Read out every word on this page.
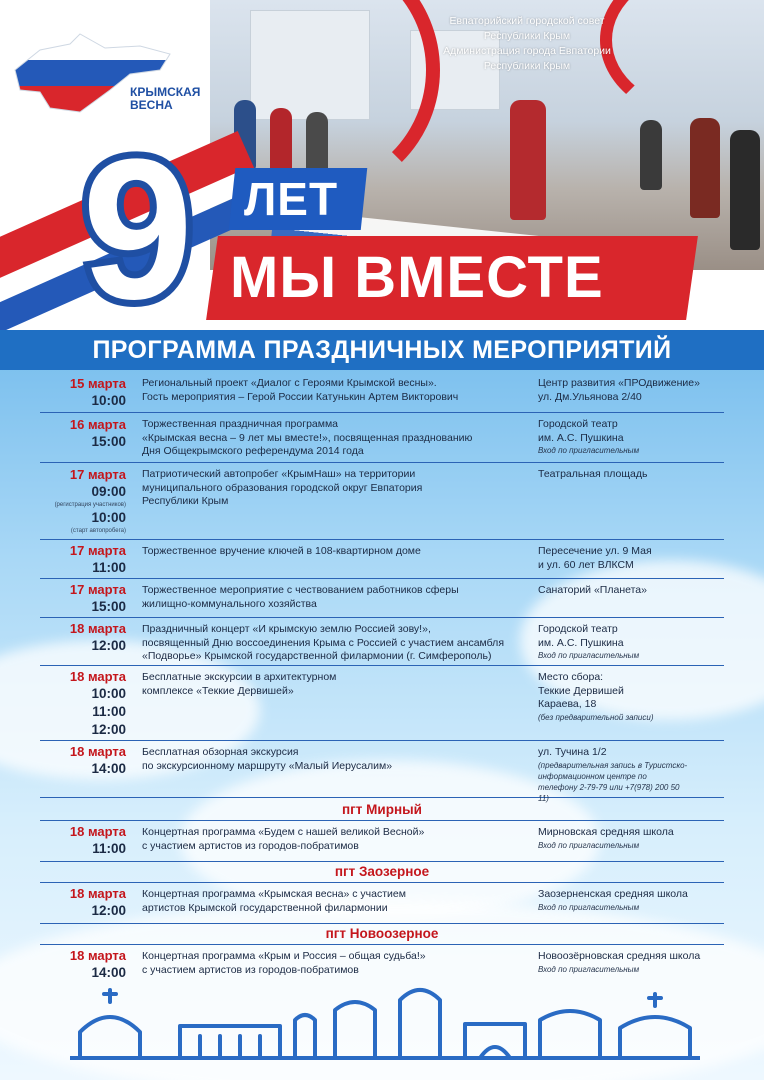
КРЫМСКАЯ
ВЕСНА
Евпаторийский городской совет
Республики Крым
Администрация города Евпатории
Республики Крым
9 ЛЕТ
МЫ ВМЕСТЕ
ПРОГРАММА ПРАЗДНИЧНЫХ МЕРОПРИЯТИЙ
15 марта
10:00
Региональный проект «Диалог с Героями Крымской весны».
Гость мероприятия – Герой России Катунькин Артем Викторович
Центр развития «ПРОдвижение»
ул. Дм.Ульянова 2/40
16 марта
15:00
Торжественная праздничная программа
«Крымская весна – 9 лет мы вместе!», посвященная празднованию
Дня Общекрымского референдума 2014 года
Городской театр
им. А.С. Пушкина
Вход по пригласительным
17 марта
09:00
(регистрация участников)
10:00
(старт автопробега)
Патриотический автопробег «КрымНаш» на территории
муниципального образования городской округ Евпатория
Республики Крым
Театральная площадь
17 марта
11:00
Торжественное вручение ключей в 108-квартирном доме	Пересечение ул. 9 Мая
и ул. 60 лет ВЛКСМ
17 марта
15:00
Торжественное мероприятие с чествованием работников сферы
жилищно-коммунального хозяйства
Санаторий «Планета»
18 марта
12:00
Праздничный концерт «И крымскую землю Россией зову!»,
посвященный Дню воссоединения Крыма с Россией с участием ансамбля
«Подворье» Крымской государственной филармонии (г. Симферополь)
Городской театр
им. А.С. Пушкина
Вход по пригласительным
18 марта
10:00
11:00
12:00
Бесплатные экскурсии в архитектурном
комплексе «Теккие Дервишей»
Место сбора:
Теккие Дервишей
Караева, 18
(без предварительной записи)
18 марта
14:00
Бесплатная обзорная экскурсия
по экскурсионному маршруту «Малый Иерусалим»
ул. Тучина 1/2
(предварительная запись в Туристско-информационном центре по телефону 2-79-79 или +7(978) 200 50 11)
пгт Мирный
18 марта
11:00
Концертная программа «Будем с нашей великой Весной»
с участием артистов из городов-побратимов
Мирновская средняя школа
Вход по пригласительным
пгт Заозерное
18 марта
12:00
Концертная программа «Крымская весна» с участием
артистов Крымской государственной филармонии
Заозерненская средняя школа
Вход по пригласительным
пгт Новоозерное
18 марта
14:00
Концертная программа «Крым и Россия – общая судьба!»
с участием артистов из городов-побратимов
Новоозёрновская средняя школа
Вход по пригласительным
